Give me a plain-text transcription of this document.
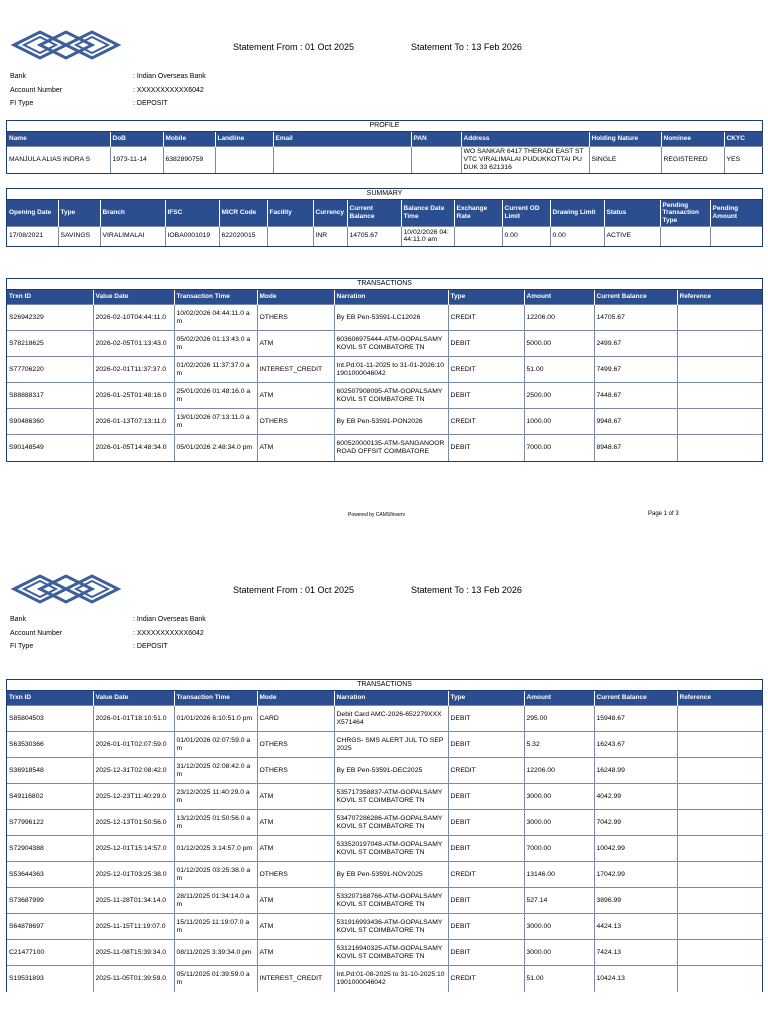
Statement From : 01 Oct 2025	Statement To : 13 Feb 2026
Bank	: Indian Overseas Bank
Account Number	: XXXXXXXXXXX6042
FI Type	: DEPOSIT
PROFILE
Name	DoB	Mobile	Landline	Email	PAN	Address	Holding Nature	Nominee	CKYC
MANJULA ALIAS INDRA S	1973-11-14	6382890759				WO SANKAR 6417 THERADI EAST STVTC VIRALIMALAI PUDUKKOTTAI PUDUK 33 621316	SINGLE	REGISTERED	YES
SUMMARY
Opening Date	Type	Branch	IFSC	MICR Code	Facility	Currency	Current Balance	Balance Date Time	Exchange Rate	Current OD Limit	Drawing Limit	Status	Pending Transaction Type	Pending Amount
17/08/2021	SAVINGS	VIRALIMALAI	IOBA0001019	622020015		INR	14705.67	10/02/2026 04:44:11.0 am		0.00	0.00	ACTIVE		
TRANSACTIONS
Trxn ID	Value Date	Transaction Time	Mode	Narration	Type	Amount	Current Balance	Reference
S26942329	2026-02-10T04:44:11.0	10/02/2026 04:44:11.0 am	OTHERS	By EB Pen-53591-LC12026	CREDIT	12206.00	14705.67	
S78218625	2026-02-05T01:13:43.0	05/02/2026 01:13:43.0 am	ATM	603606975444-ATM-GOPALSAMY KOVIL ST COIMBATORE TN	DEBIT	5000.00	2499.67	
S77706220	2026-02-01T11:37:37.0	01/02/2026 11:37:37.0 am	INTEREST_CREDIT	Int.Pd:01-11-2025 to 31-01-2026:101901000046042	CREDIT	51.00	7499.67	
S88888317	2026-01-25T01:48:16.0	25/01/2026 01:48:16.0 am	ATM	602507908095-ATM-GOPALSAMY KOVIL ST COIMBATORE TN	DEBIT	2500.00	7448.67	
S90486360	2026-01-13T07:13:11.0	13/01/2026 07:13:11.0 am	OTHERS	By EB Pen-53591-PON2026	CREDIT	1000.00	9948.67	
S90148549	2026-01-05T14:48:34.0	05/01/2026 2:48:34.0 pm	ATM	600520000135-ATM-SANGANOOR ROAD OFFSIT COIMBATORE	DEBIT	7000.00	8948.67	
Powered by CAMSfinserv	Page 1 of 3
Statement From : 01 Oct 2025	Statement To : 13 Feb 2026
Bank	: Indian Overseas Bank
Account Number	: XXXXXXXXXXX6042
FI Type	: DEPOSIT
TRANSACTIONS
Trxn ID	Value Date	Transaction Time	Mode	Narration	Type	Amount	Current Balance	Reference
S85804503	2026-01-01T18:10:51.0	01/01/2026 6:10:51.0 pm	CARD	Debit Card AMC-2026-652279XXXX571464	DEBIT	295.00	15948.67	
S63530366	2026-01-01T02:07:59.0	01/01/2026 02:07:59.0 am	OTHERS	CHRGS- SMS ALERT JUL TO SEP 2025	DEBIT	5.32	16243.67	
S36918548	2025-12-31T02:08:42.0	31/12/2025 02:08:42.0 am	OTHERS	By EB Pen-53591-DEC2025	CREDIT	12206.00	16248.99	
S49116802	2025-12-23T11:40:29.0	23/12/2025 11:40:29.0 am	ATM	535717358837-ATM-GOPALSAMY KOVIL ST COIMBATORE TN	DEBIT	3000.00	4042.99	
S77996122	2025-12-13T01:50:56.0	13/12/2025 01:50:56.0 am	ATM	534707286286-ATM-GOPALSAMY KOVIL ST COIMBATORE TN	DEBIT	3000.00	7042.99	
S72904388	2025-12-01T15:14:57.0	01/12/2025 3:14:57.0 pm	ATM	533520197048-ATM-GOPALSAMY KOVIL ST COIMBATORE TN	DEBIT	7000.00	10042.99	
S53644363	2025-12-01T03:25:38.0	01/12/2025 03:25:38.0 am	OTHERS	By EB Pen-53591-NOV2025	CREDIT	13146.00	17042.99	
S73687999	2025-11-28T01:34:14.0	28/11/2025 01:34:14.0 am	ATM	533207168766-ATM-GOPALSAMY KOVIL ST COIMBATORE TN	DEBIT	527.14	3896.99	
S64878697	2025-11-15T11:19:07.0	15/11/2025 11:19:07.0 am	ATM	531916993436-ATM-GOPALSAMY KOVIL ST COIMBATORE TN	DEBIT	3000.00	4424.13	
C21477100	2025-11-08T15:39:34.0	08/11/2025 3:39:34.0 pm	ATM	531216940325-ATM-GOPALSAMY KOVIL ST COIMBATORE TN	DEBIT	3000.00	7424.13	
S19531893	2025-11-05T01:39:59.0	05/11/2025 01:39:59.0 am	INTEREST_CREDIT	Int.Pd:01-08-2025 to 31-10-2025:101901000046042	CREDIT	51.00	10424.13	
